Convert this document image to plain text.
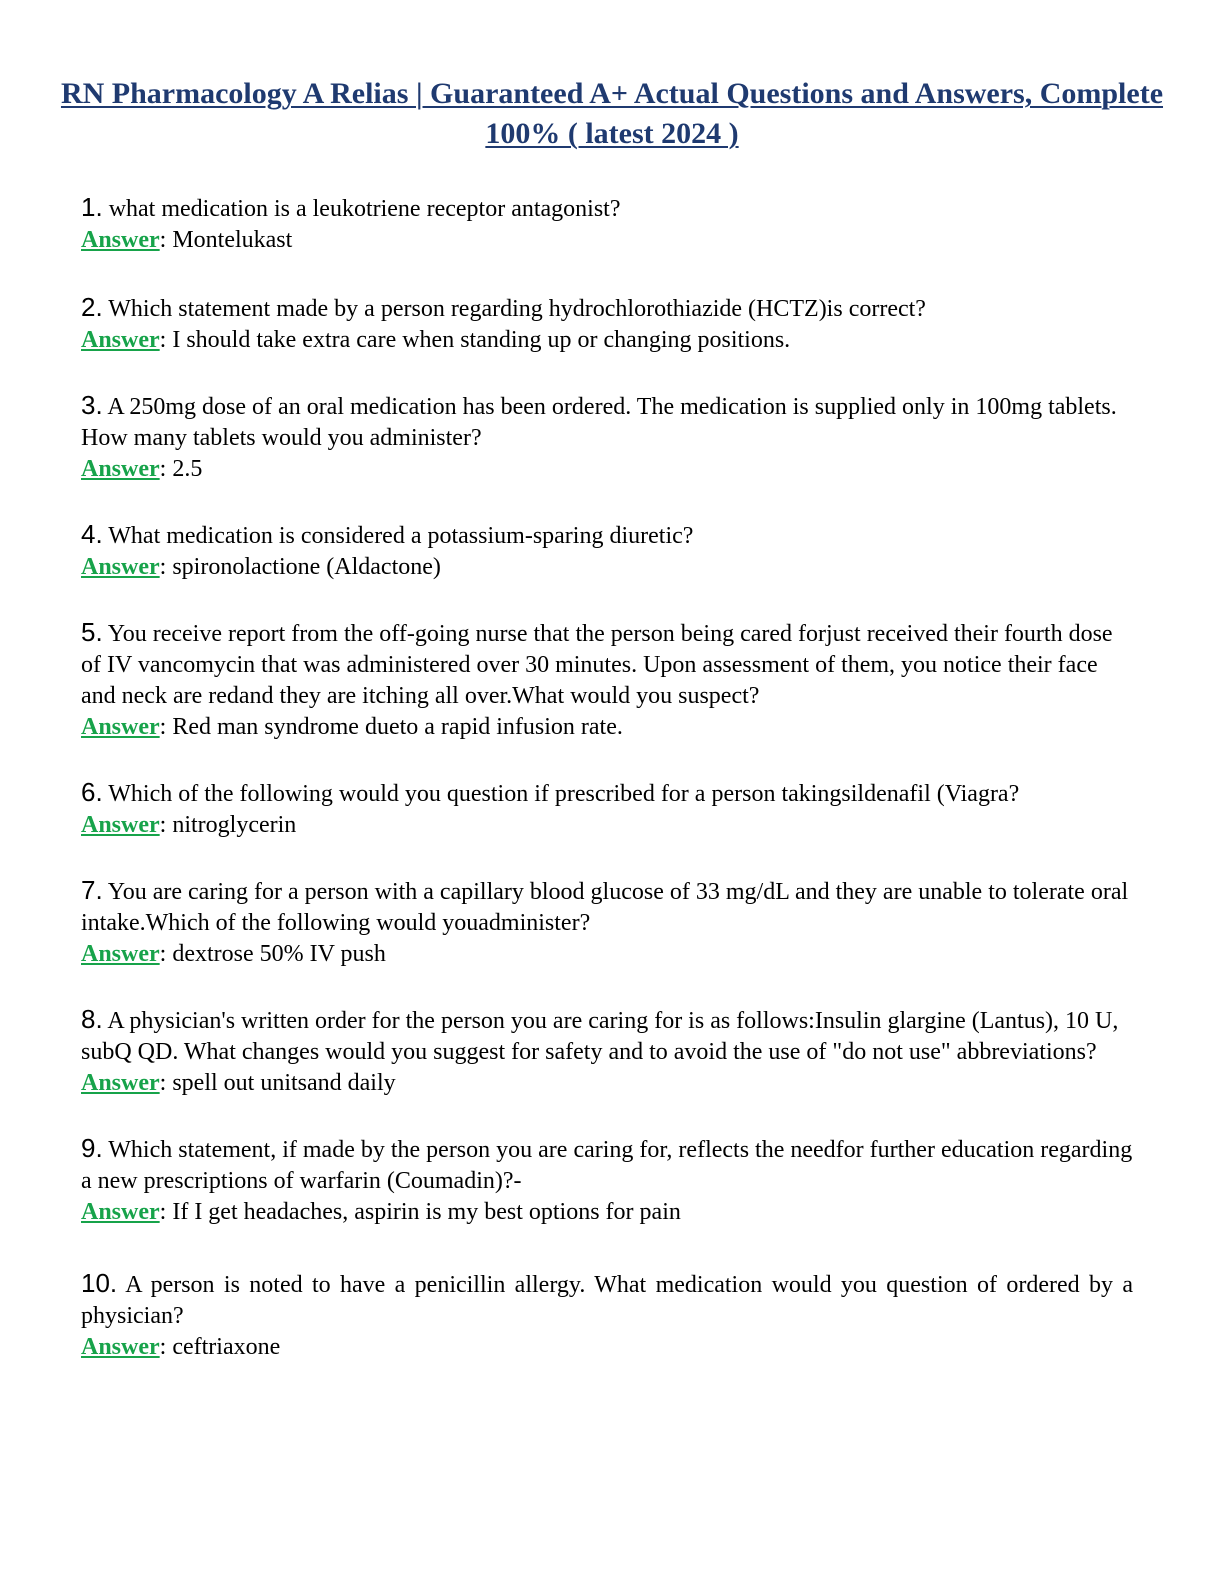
RN Pharmacology A Relias | Guaranteed A+ Actual Questions and Answers, Complete 100% ( latest 2024 )

1. what medication is a leukotriene receptor antagonist?

Answer: Montelukast

2. Which statement made by a person regarding hydrochlorothiazide (HCTZ)is correct?

Answer: I should take extra care when standing up or changing positions.

3. A 250mg dose of an oral medication has been ordered. The medication is supplied only in 100mg tablets. How many tablets would you administer?

Answer: 2.5

4. What medication is considered a potassium-sparing diuretic?

Answer: spironolactione (Aldactone)

5. You receive report from the off-going nurse that the person being cared forjust received their fourth dose of IV vancomycin that was administered over 30 minutes. Upon assessment of them, you notice their face and neck are redand they are itching all over.What would you suspect?

Answer: Red man syndrome dueto a rapid infusion rate.

6. Which of the following would you question if prescribed for a person takingsildenafil (Viagra?

Answer: nitroglycerin

7. You are caring for a person with a capillary blood glucose of 33 mg/dL and they are unable to tolerate oral intake.Which of the following would youadminister?

Answer: dextrose 50% IV push

8. A physician's written order for the person you are caring for is as follows:Insulin glargine (Lantus), 10 U, subQ QD. What changes would you suggest for safety and to avoid the use of "do not use" abbreviations?

Answer: spell out unitsand daily

9. Which statement, if made by the person you are caring for, reflects the needfor further education regarding a new prescriptions of warfarin (Coumadin)?-

Answer: If I get headaches, aspirin is my best options for pain

10. A person is noted to have a penicillin allergy. What medication would you question of ordered by a physician?

Answer: ceftriaxone
